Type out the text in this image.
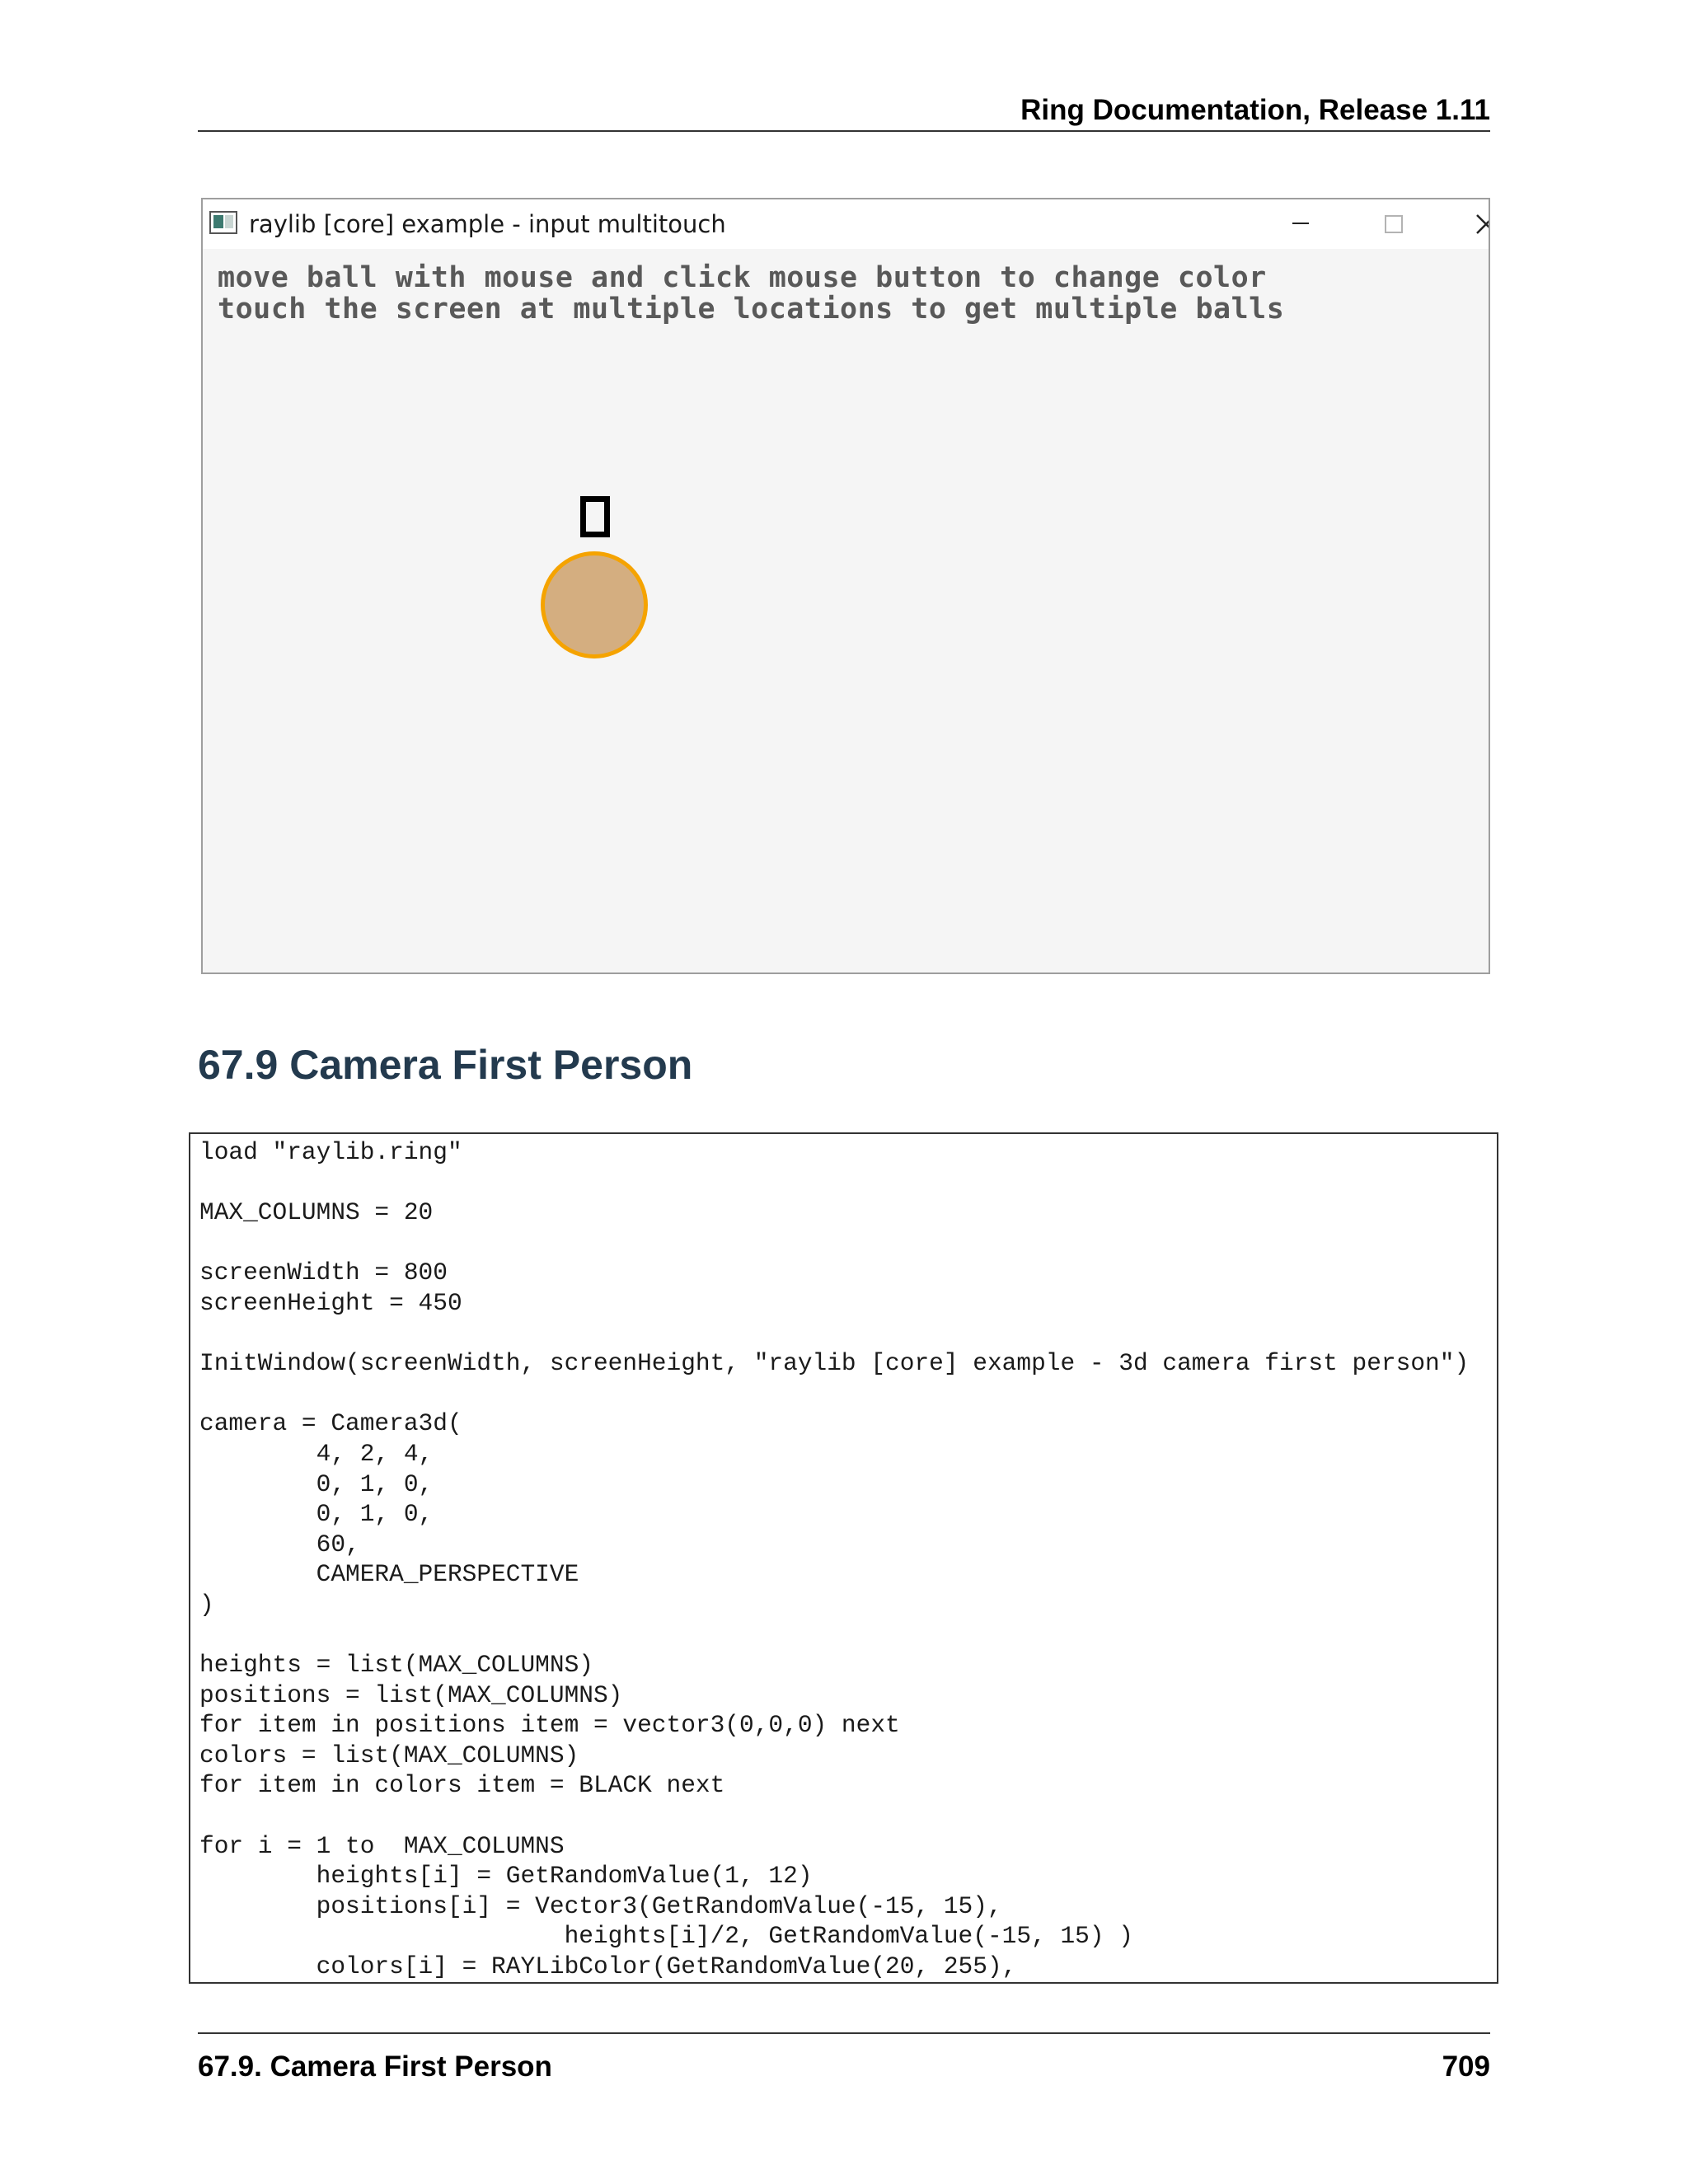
Ring Documentation, Release 1.11
raylib [core] example - input multitouch
move ball with mouse and click mouse button to change color
touch the screen at multiple locations to get multiple balls
67.9 Camera First Person
load "raylib.ring"

MAX_COLUMNS = 20

screenWidth = 800
screenHeight = 450

InitWindow(screenWidth, screenHeight, "raylib [core] example - 3d camera first person")

camera = Camera3d(
4, 2, 4,
0, 1, 0,
0, 1, 0,
60,
CAMERA_PERSPECTIVE
)

heights = list(MAX_COLUMNS)
positions = list(MAX_COLUMNS)
for item in positions item = vector3(0,0,0) next
colors = list(MAX_COLUMNS)
for item in colors item = BLACK next

for i = 1 to  MAX_COLUMNS
heights[i] = GetRandomValue(1, 12)
positions[i] = Vector3(GetRandomValue(-15, 15),
heights[i]/2, GetRandomValue(-15, 15) )
colors[i] = RAYLibColor(GetRandomValue(20, 255),
67.9. Camera First Person	709
